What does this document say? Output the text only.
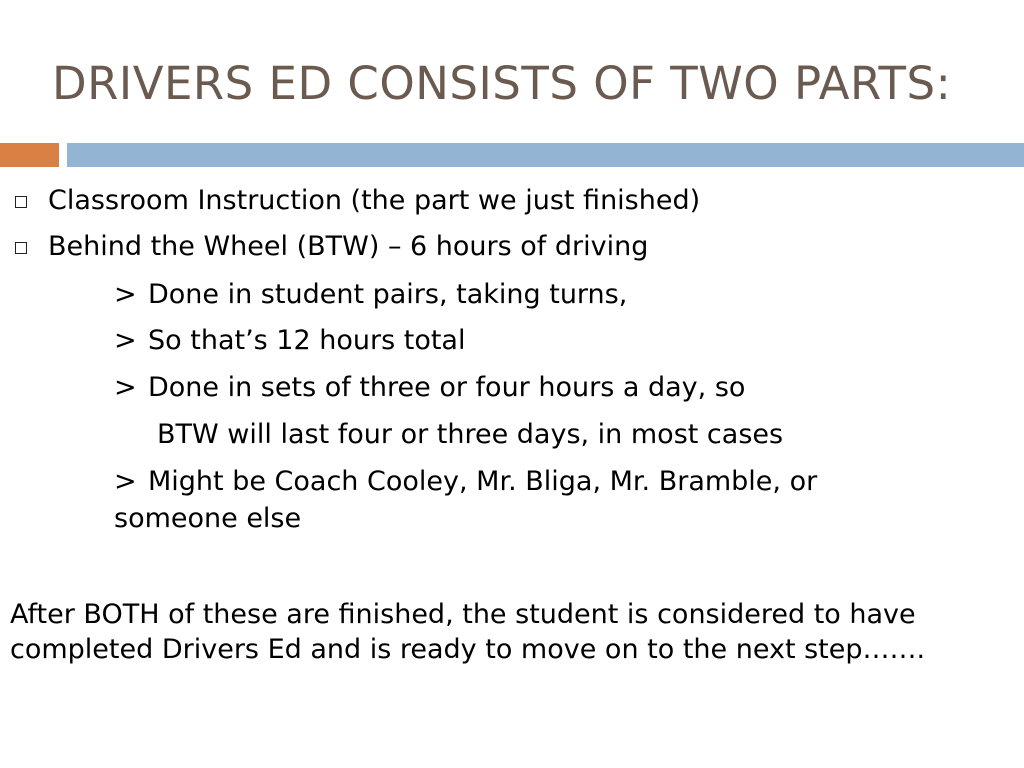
DRIVERS ED CONSISTS OF TWO PARTS:
Classroom Instruction (the part we just finished)
Behind the Wheel (BTW) – 6 hours of driving
> Done in student pairs, taking turns,
> So that’s 12 hours total
> Done in sets of three or four hours a day, so
BTW will last four or three days, in most cases
> Might be Coach Cooley, Mr. Bliga, Mr. Bramble, or
someone else

After BOTH of these are finished, the student is considered to have completed Drivers Ed and is ready to move on to the next step…….
